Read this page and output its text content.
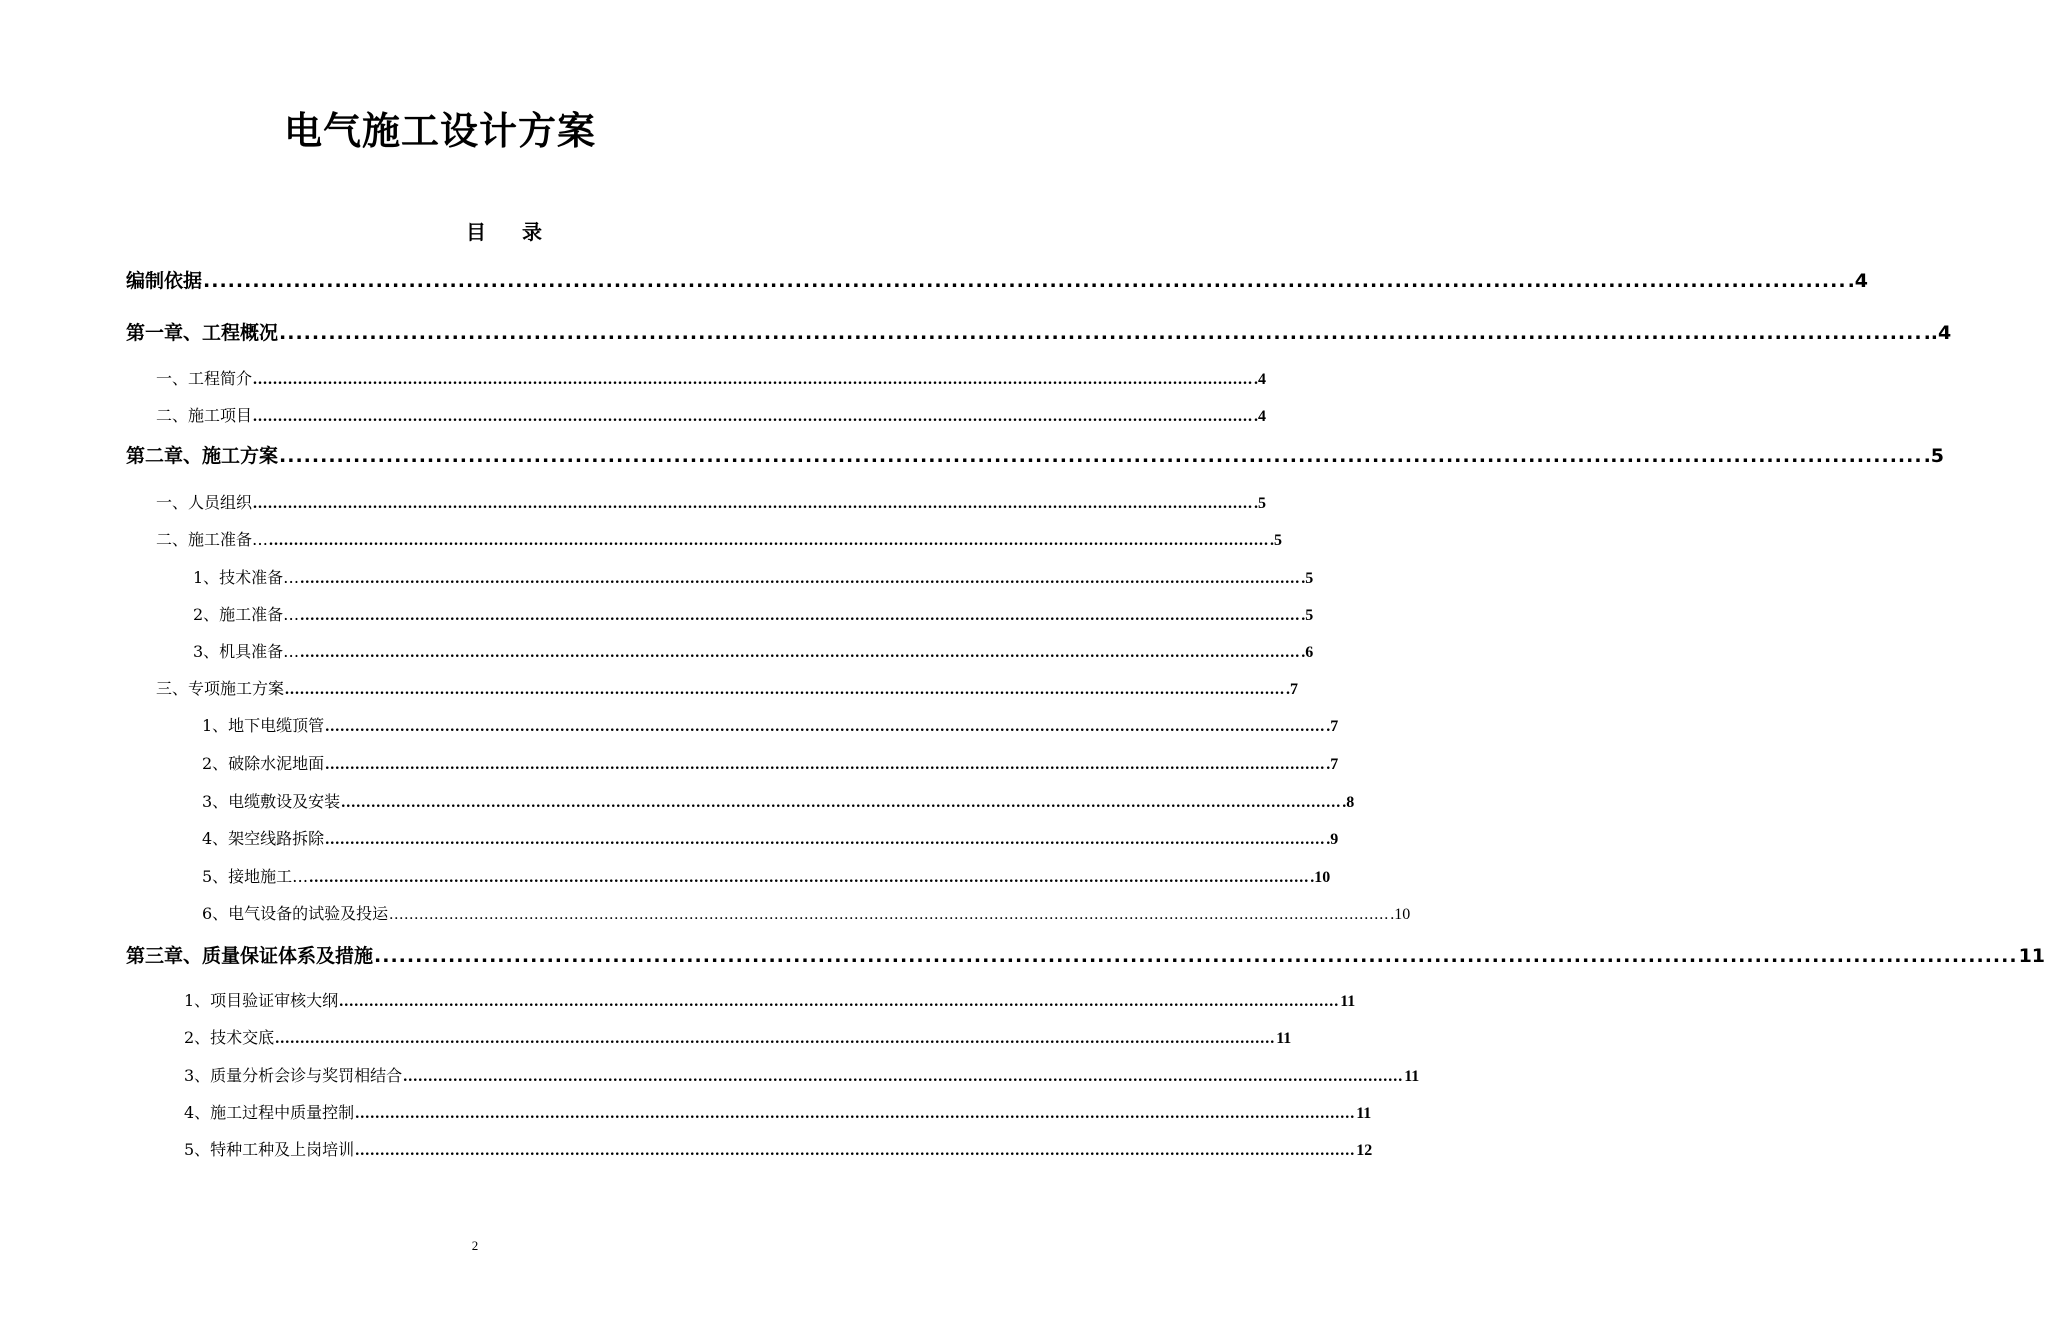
电气施工设计方案
目 录
编制依据 ........................................................................................................................................................................................................ .4
第一章、工程概况 ........................................................................................................................................................................................................ ..4
一、工程简介 ........................................................................................................................................................................................................ .4
二、施工项目 ........................................................................................................................................................................................................ .4
第二章、施工方案 ........................................................................................................................................................................................................ .5
一、人员组织 ........................................................................................................................................................................................................ .5
二、施工准备… ........................................................................................................................................................................................................ .5
1、技术准备… ........................................................................................................................................................................................................ .5
2、施工准备… ........................................................................................................................................................................................................ .5
3、机具准备… ........................................................................................................................................................................................................ .6
三、专项施工方案 ........................................................................................................................................................................................................ .7
1、地下电缆顶管 ........................................................................................................................................................................................................ .7
2、破除水泥地面 ........................................................................................................................................................................................................ .7
3、电缆敷设及安装 ........................................................................................................................................................................................................ .8
4、架空线路拆除 ........................................................................................................................................................................................................ .9
5、接地施工… ........................................................................................................................................................................................................ .10
6、电气设备的试验及投运 ........................................................................................................................................................................................................ .10
第三章、质量保证体系及措施 ........................................................................................................................................................................................................ 11
1、项目验证审核大纲 ........................................................................................................................................................................................................ 11
2、技术交底 ........................................................................................................................................................................................................ 11
3、质量分析会诊与奖罚相结合 ........................................................................................................................................................................................................ 11
4、施工过程中质量控制 ........................................................................................................................................................................................................ 11
5、特种工种及上岗培训 ........................................................................................................................................................................................................ 12
2
